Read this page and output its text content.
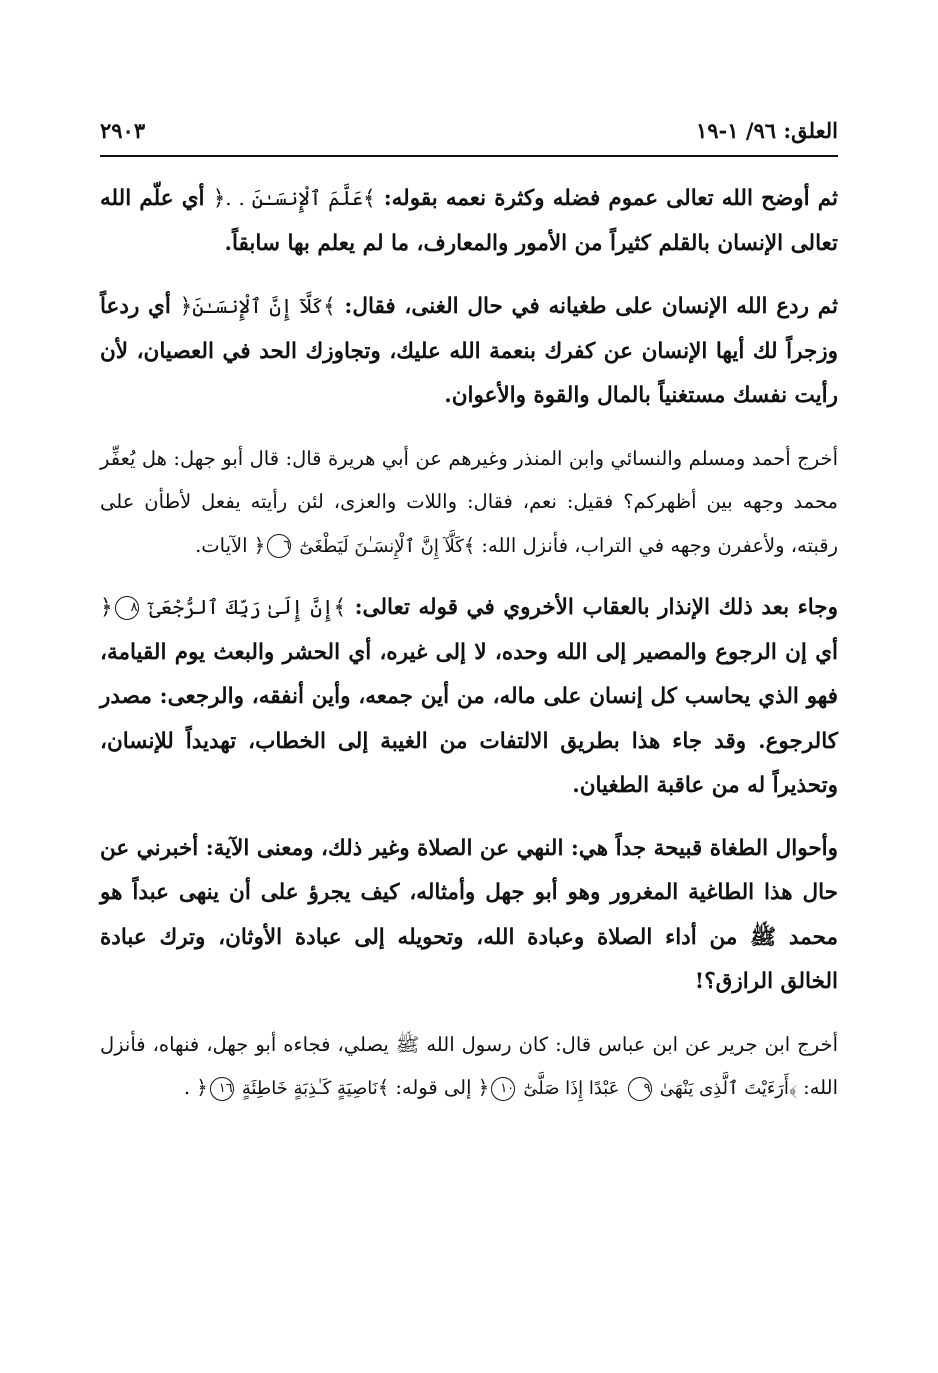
العلق: ٩٦/ ١-١٩
٢٩٠٣

ثم أوضح الله تعالى عموم فضله وكثرة نعمه بقوله: ﴾عَلَّمَ ٱلْإِنسَـٰنَ . .﴿ أي علّم الله تعالى الإنسان بالقلم كثيراً من الأمور والمعارف، ما لم يعلم بها سابقاً.

ثم ردع الله الإنسان على طغيانه في حال الغنى، فقال: ﴾كَلَّآ إِنَّ ٱلْإِنسَـٰنَ﴿ أي ردعاً وزجراً لك أيها الإنسان عن كفرك بنعمة الله عليك، وتجاوزك الحد في العصيان، لأن رأيت نفسك مستغنياً بالمال والقوة والأعوان.

أخرج أحمد ومسلم والنسائي وابن المنذر وغيرهم عن أبي هريرة قال: قال أبو جهل: هل يُعفِّر محمد وجهه بين أظهركم؟ فقيل: نعم، فقال: واللات والعزى، لئن رأيته يفعل لأطأن على رقبته، ولأعفرن وجهه في التراب، فأنزل الله: ﴾كَلَّآ إِنَّ ٱلْإِنسَـٰنَ لَيَطْغَىٰٓ ٦﴿ الآيات.

وجاء بعد ذلك الإنذار بالعقاب الأخروي في قوله تعالى: ﴾إِنَّ إِلَىٰ رَبِّكَ ٱلرُّجْعَىٰٓ ٨﴿ أي إن الرجوع والمصير إلى الله وحده، لا إلى غيره، أي الحشر والبعث يوم القيامة، فهو الذي يحاسب كل إنسان على ماله، من أين جمعه، وأين أنفقه، والرجعى: مصدر كالرجوع. وقد جاء هذا بطريق الالتفات من الغيبة إلى الخطاب، تهديداً للإنسان، وتحذيراً له من عاقبة الطغيان.

وأحوال الطغاة قبيحة جداً هي: النهي عن الصلاة وغير ذلك، ومعنى الآية: أخبرني عن حال هذا الطاغية المغرور وهو أبو جهل وأمثاله، كيف يجرؤ على أن ينهى عبداً هو محمد ﷺ من أداء الصلاة وعبادة الله، وتحويله إلى عبادة الأوثان، وترك عبادة الخالق الرازق؟!

أخرج ابن جرير عن ابن عباس قال: كان رسول الله ﷺ يصلي، فجاءه أبو جهل، فنهاه، فأنزل الله: ﴾أَرَءَيْتَ ٱلَّذِى يَنْهَىٰ ٩ عَبْدًا إِذَا صَلَّىٰٓ ١٠﴿ إلى قوله: ﴾نَاصِيَةٍ كَـٰذِبَةٍ خَاطِئَةٍ ١٦﴿ .
